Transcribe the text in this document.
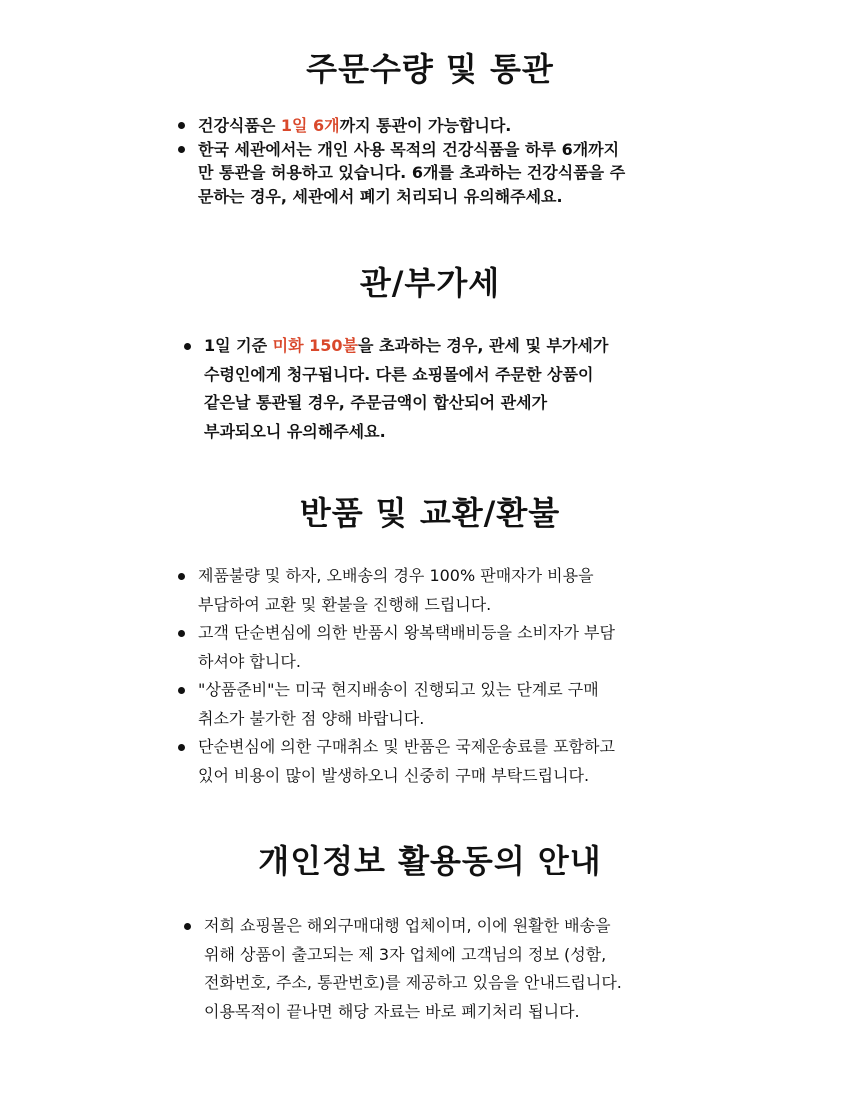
주문수량 및 통관
건강식품은 1일 6개까지 통관이 가능합니다.
한국 세관에서는 개인 사용 목적의 건강식품을 하루 6개까지
만 통관을 허용하고 있습니다. 6개를 초과하는 건강식품을 주
문하는 경우, 세관에서 폐기 처리되니 유의해주세요.
관/부가세
1일 기준 미화 150불을 초과하는 경우, 관세 및 부가세가
수령인에게 청구됩니다. 다른 쇼핑몰에서 주문한 상품이
같은날 통관될 경우, 주문금액이 합산되어 관세가
부과되오니 유의해주세요.
반품 및 교환/환불
제품불량 및 하자, 오배송의 경우 100% 판매자가 비용을
부담하여 교환 및 환불을 진행해 드립니다.
고객 단순변심에 의한 반품시 왕복택배비등을 소비자가 부담
하셔야 합니다.
"상품준비"는 미국 현지배송이 진행되고 있는 단계로 구매
취소가 불가한 점 양해 바랍니다.
단순변심에 의한 구매취소 및 반품은 국제운송료를 포함하고
있어 비용이 많이 발생하오니 신중히 구매 부탁드립니다.
개인정보 활용동의 안내
저희 쇼핑몰은 해외구매대행 업체이며, 이에 원활한 배송을
위해 상품이 출고되는 제 3자 업체에 고객님의 정보 (성함,
전화번호, 주소, 통관번호)를 제공하고 있음을 안내드립니다.
이용목적이 끝나면 해당 자료는 바로 폐기처리 됩니다.
